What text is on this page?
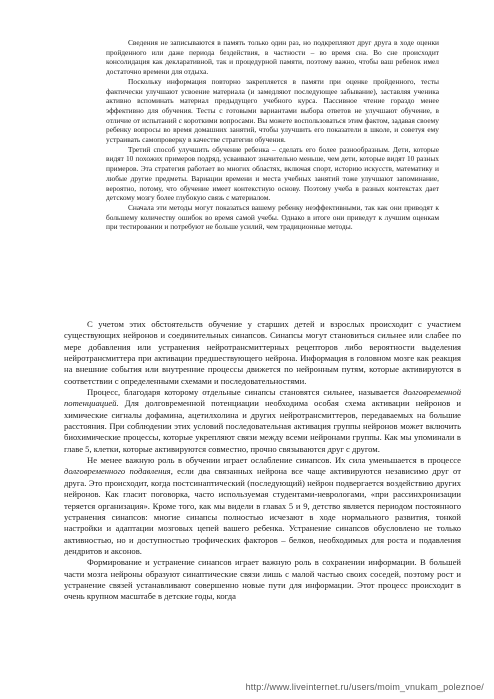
Сведения не записываются в память только один раз, но подкрепляют друг друга в ходе оценки пройденного или даже периода бездействия, в частности – во время сна. Во сне происходит консолидация как декларативной, так и процедурной памяти, поэтому важно, чтобы ваш ребенок имел достаточно времени для отдыха.

Поскольку информация повторно закрепляется в памяти при оценке пройденного, тесты фактически улучшают усвоение материала (и замедляют последующее забывание), заставляя ученика активно вспоминать материал предыдущего учебного курса. Пассивное чтение гораздо менее эффективно для обучения. Тесты с готовыми вариантами выбора ответов не улучшают обучение, в отличие от испытаний с короткими вопросами. Вы можете воспользоваться этим фактом, задавая своему ребенку вопросы во время домашних занятий, чтобы улучшить его показатели в школе, и советуя ему устраивать самопроверку в качестве стратегии обучения.

Третий способ улучшить обучение ребенка – сделать его более разнообразным. Дети, которые видят 10 похожих примеров подряд, усваивают значительно меньше, чем дети, которые видят 10 разных примеров. Эта стратегия работает во многих областях, включая спорт, историю искусств, математику и любые другие предметы. Вариации времени и места учебных занятий тоже улучшают запоминание, вероятно, потому, что обучение имеет контекстную основу. Поэтому учеба в разных контекстах дает детскому мозгу более глубокую связь с материалом.

Сначала эти методы могут показаться вашему ребенку неэффективными, так как они приводят к большему количеству ошибок во время самой учебы. Однако в итоге они приведут к лучшим оценкам при тестировании и потребуют не больше усилий, чем традиционные методы.

С учетом этих обстоятельств обучение у старших детей и взрослых происходит с участием существующих нейронов и соединительных синапсов. Синапсы могут становиться сильнее или слабее по мере добавления или устранения нейротрансмиттерных рецепторов либо вероятности выделения нейротрансмиттера при активации предшествующего нейрона. Информация в головном мозге как реакция на внешние события или внутренние процессы движется по нейронным путям, которые активируются в соответствии с определенными схемами и последовательностями.

Процесс, благодаря которому отдельные синапсы становятся сильнее, называется долговременной потенциацией. Для долговременной потенциации необходима особая схема активации нейронов и химические сигналы дофамина, ацетилхолина и других нейротрансмиттеров, передаваемых на большие расстояния. При соблюдении этих условий последовательная активация группы нейронов может включить биохимические процессы, которые укрепляют связи между всеми нейронами группы. Как мы упоминали в главе 5, клетки, которые активируются совместно, прочно связываются друг с другом.

Не менее важную роль в обучении играет ослабление синапсов. Их сила уменьшается в процессе долговременного подавления, если два связанных нейрона все чаще активируются независимо друг от друга. Это происходит, когда постсинаптический (последующий) нейрон подвергается воздействию других нейронов. Как гласит поговорка, часто используемая студентами-неврологами, «при рассинхронизации теряется организация». Кроме того, как мы видели в главах 5 и 9, детство является периодом постоянного устранения синапсов: многие синапсы полностью исчезают в ходе нормального развития, тонкой настройки и адаптации мозговых цепей вашего ребенка. Устранение синапсов обусловлено не только активностью, но и доступностью трофических факторов – белков, необходимых для роста и подавления дендритов и аксонов.

Формирование и устранение синапсов играет важную роль в сохранении информации. В большей части мозга нейроны образуют синаптические связи лишь с малой частью своих соседей, поэтому рост и устранение связей устанавливают совершенно новые пути для информации. Этот процесс происходит в очень крупном масштабе в детские годы, когда

http://www.liveinternet.ru/users/moim_vnukam_poleznoe/
